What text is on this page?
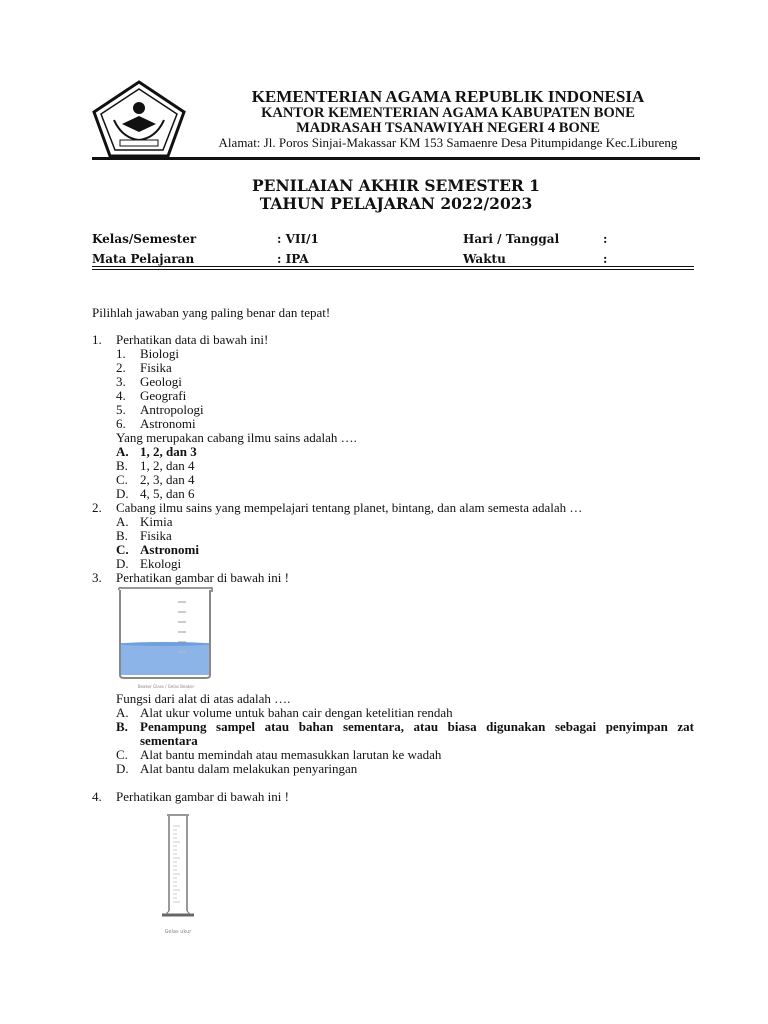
KEMENTERIAN AGAMA REPUBLIK INDONESIA
KANTOR KEMENTERIAN AGAMA KABUPATEN BONE
MADRASAH TSANAWIYAH NEGERI 4 BONE
Alamat: Jl. Poros Sinjai-Makassar KM 153 Samaenre Desa Pitumpidange Kec.Libureng
PENILAIAN AKHIR SEMESTER 1
TAHUN PELAJARAN 2022/2023
Kelas/Semester	: VII/1	Hari / Tanggal	:
Mata Pelajaran	: IPA	Waktu	:
Pilihlah jawaban yang paling benar dan tepat!
1. Perhatikan data di bawah ini!
1. Biologi
2. Fisika
3. Geologi
4. Geografi
5. Antropologi
6. Astronomi
Yang merupakan cabang ilmu sains adalah ….
A. 1, 2, dan 3
B. 1, 2, dan 4
C. 2, 3, dan 4
D. 4, 5, dan 6
2. Cabang ilmu sains yang mempelajari tentang planet, bintang, dan alam semesta adalah …
A. Kimia
B. Fisika
C. Astronomi
D. Ekologi
3. Perhatikan gambar di bawah ini !
Beaker Glass / Gelas Beaker
Fungsi dari alat di atas adalah ….
A. Alat ukur volume untuk bahan cair dengan ketelitian rendah
B. Penampung sampel atau bahan sementara, atau biasa digunakan sebagai penyimpan zat
sementara
C. Alat bantu memindah atau memasukkan larutan ke wadah
D. Alat bantu dalam melakukan penyaringan
4. Perhatikan gambar di bawah ini !
Gelas ukur
